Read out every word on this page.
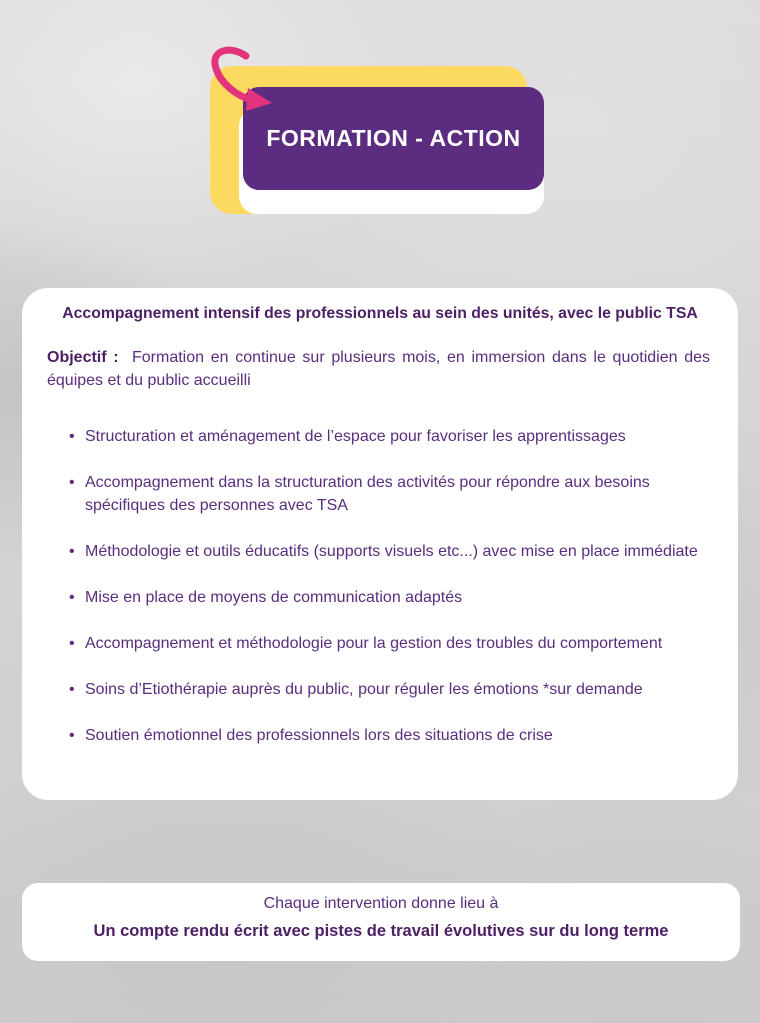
FORMATION - ACTION
Accompagnement intensif des professionnels au sein des unités, avec le public TSA

Objectif :  Formation en continue sur plusieurs mois, en immersion dans le quotidien des équipes et du public accueilli

• Structuration et aménagement de l’espace pour favoriser les apprentissages
• Accompagnement dans la structuration des activités pour répondre aux besoins spécifiques des personnes avec TSA
• Méthodologie et outils éducatifs (supports visuels etc...) avec mise en place immédiate
• Mise en place de moyens de communication adaptés
• Accompagnement et méthodologie pour la gestion des troubles du comportement
• Soins d’Etiothérapie auprès du public, pour réguler les émotions *sur demande
• Soutien émotionnel des professionnels lors des situations de crise
Chaque intervention donne lieu à
Un compte rendu écrit avec pistes de travail évolutives sur du long terme
